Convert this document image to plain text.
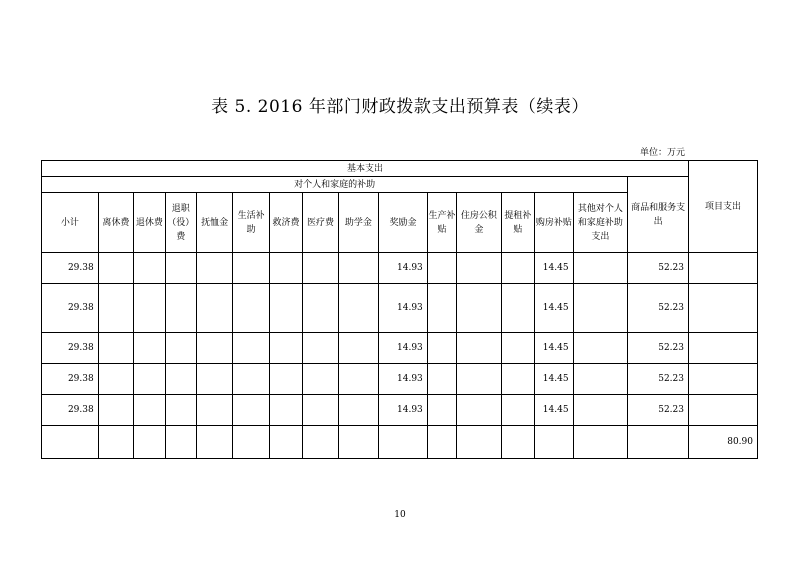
表 5. 2016 年部门财政拨款支出预算表（续表）
单位：万元
基本支出																项目支出
对个人和家庭的补助															商品和服务支出	
小计	离休费	退休费	退职（役）费	抚恤金	生活补助	救济费	医疗费	助学金	奖励金	生产补贴	住房公积金	提租补贴	购房补贴	其他对个人和家庭补助支出		
29.38									14.93				14.45		52.23	
29.38									14.93				14.45		52.23	
29.38									14.93				14.45		52.23	
29.38									14.93				14.45		52.23	
29.38									14.93				14.45		52.23	
																80.90
10
